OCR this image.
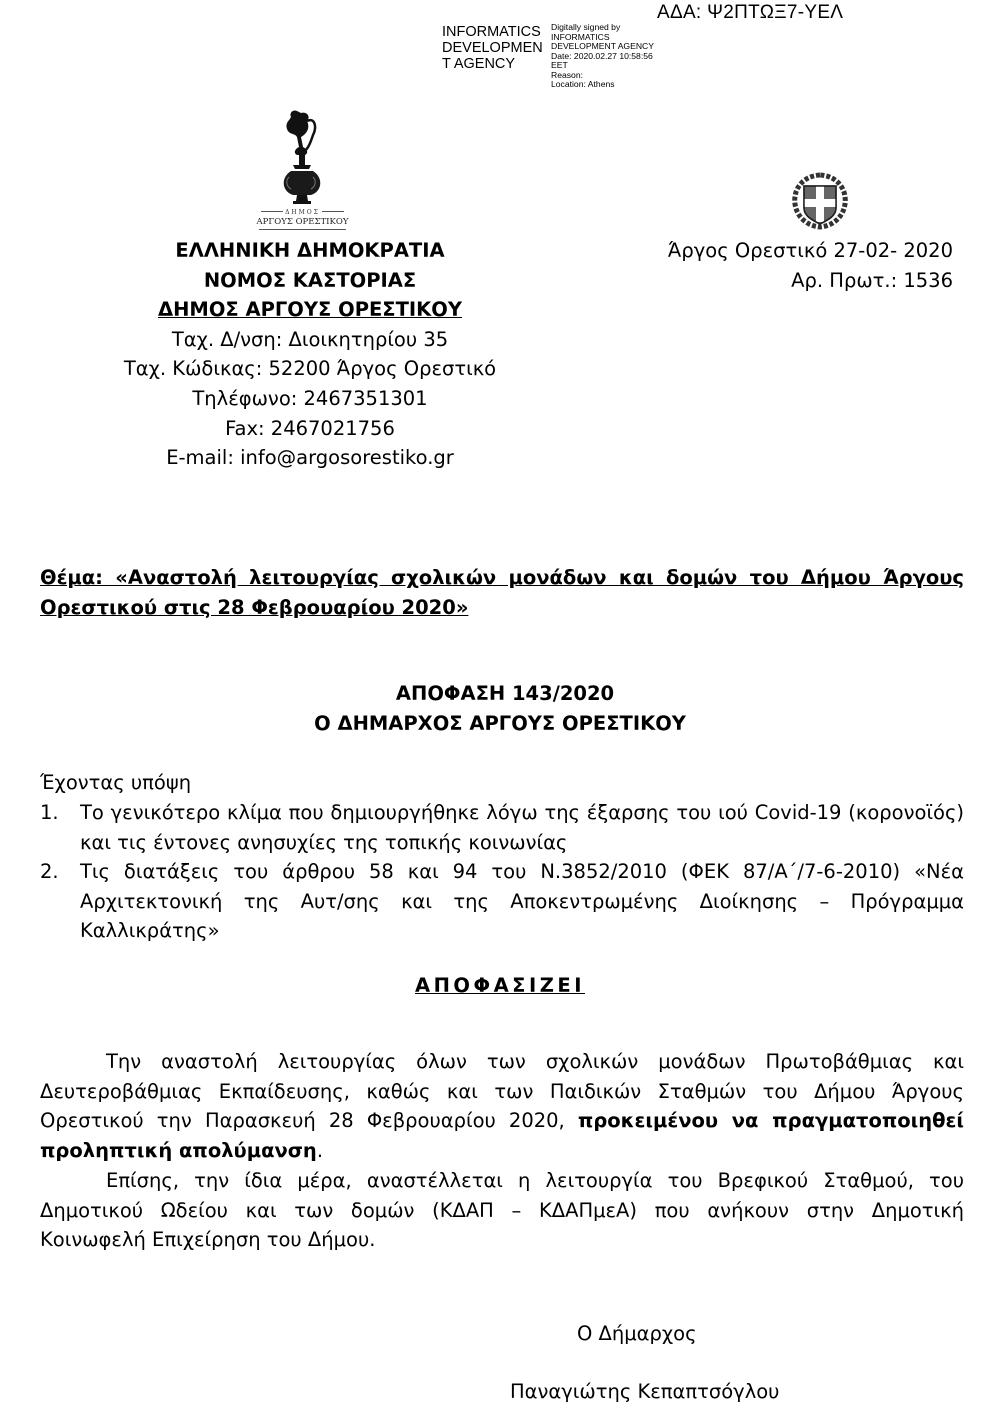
INFORMATICS
DEVELOPMEN
T AGENCY
Digitally signed by
INFORMATICS
DEVELOPMENT AGENCY
Date: 2020.02.27 10:58:56
EET
Reason:
Location: Athens
ΑΔΑ: Ψ2ΠΤΩΞ7-ΥΕΛ
ΔΗΜΟΣ
ΑΡΓΟΥΣ ΟΡΕΣΤΙΚΟΥ
ΕΛΛΗΝΙΚΗ ΔΗΜΟΚΡΑΤΙΑ
ΝΟΜΟΣ ΚΑΣΤΟΡΙΑΣ
ΔΗΜΟΣ ΑΡΓΟΥΣ ΟΡΕΣΤΙΚΟΥ
Ταχ. Δ/νση: Διοικητηρίου 35
Ταχ. Κώδικας: 52200 Άργος Ορεστικό
Τηλέφωνο: 2467351301
Fax: 2467021756
E-mail: info@argosorestiko.gr
Άργος Ορεστικό 27-02- 2020
Αρ. Πρωτ.: 1536
Θέμα: «Αναστολή λειτουργίας σχολικών μονάδων και δομών του Δήμου Άργους
Ορεστικού στις 28 Φεβρουαρίου 2020»
ΑΠΟΦΑΣΗ 143/2020
Ο ΔΗΜΑΡΧΟΣ ΑΡΓΟΥΣ ΟΡΕΣΤΙΚΟΥ
Έχοντας υπόψη
1. Το γενικότερο κλίμα που δημιουργήθηκε λόγω της έξαρσης του ιού Covid-19 (κορονοϊός)
και τις έντονες ανησυχίες της τοπικής κοινωνίας
2. Τις διατάξεις του άρθρου 58 και 94 του Ν.3852/2010 (ΦΕΚ 87/Α΄/7-6-2010) «Νέα
Αρχιτεκτονική της Αυτ/σης και της Αποκεντρωμένης Διοίκησης – Πρόγραμμα
Καλλικράτης»
ΑΠΟΦΑΣΙΖΕΙ
Την αναστολή λειτουργίας όλων των σχολικών μονάδων Πρωτοβάθμιας και
Δευτεροβάθμιας Εκπαίδευσης, καθώς και των Παιδικών Σταθμών του Δήμου Άργους
Ορεστικού την Παρασκευή 28 Φεβρουαρίου 2020, προκειμένου να πραγματοποιηθεί
προληπτική απολύμανση.
Επίσης, την ίδια μέρα, αναστέλλεται η λειτουργία του Βρεφικού Σταθμού, του
Δημοτικού Ωδείου και των δομών (ΚΔΑΠ – ΚΔΑΠμεΑ) που ανήκουν στην Δημοτική
Κοινωφελή Επιχείρηση του Δήμου.
Ο Δήμαρχος
Παναγιώτης Κεπαπτσόγλου
